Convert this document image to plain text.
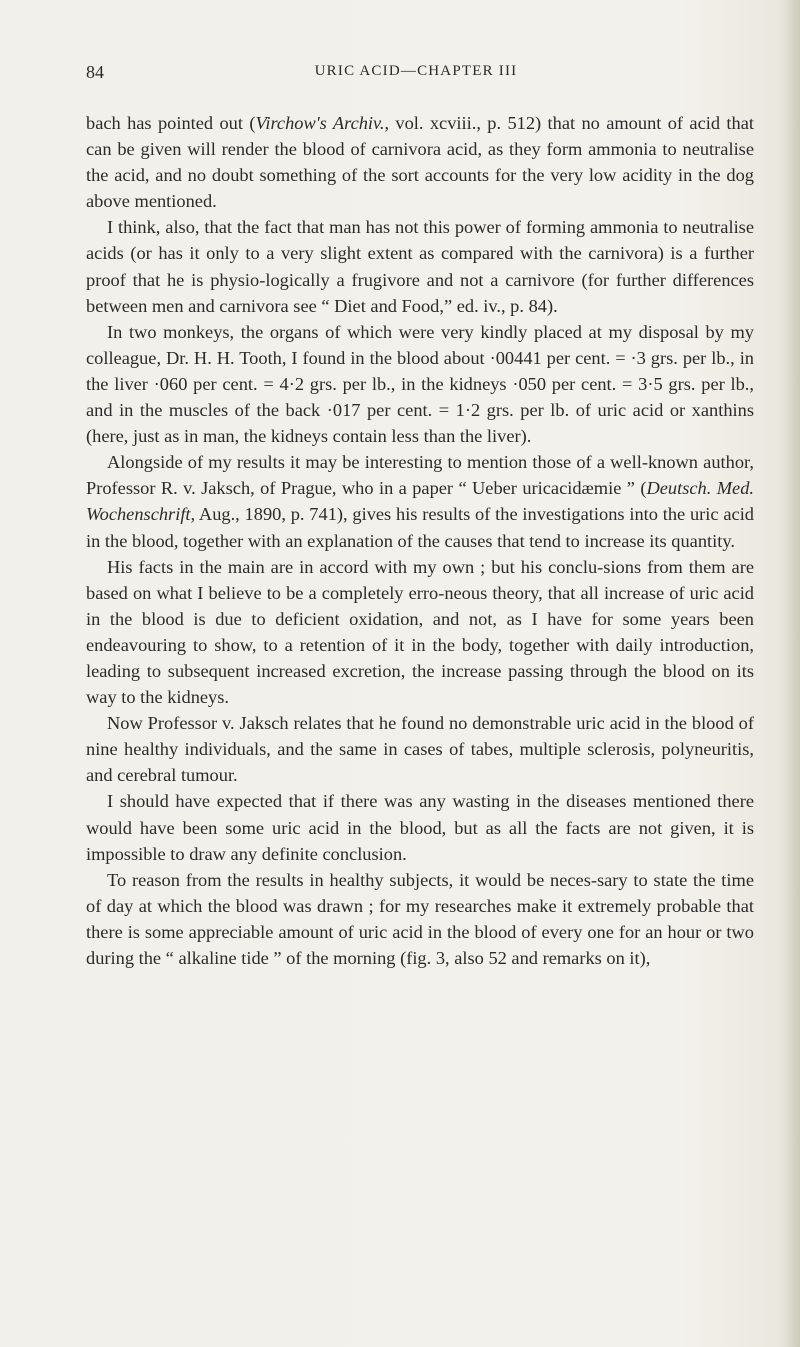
84	URIC ACID—CHAPTER III

bach has pointed out (Virchow's Archiv., vol. xcviii., p. 512) that no amount of acid that can be given will render the blood of carnivora acid, as they form ammonia to neutralise the acid, and no doubt something of the sort accounts for the very low acidity in the dog above mentioned.

I think, also, that the fact that man has not this power of forming ammonia to neutralise acids (or has it only to a very slight extent as compared with the carnivora) is a further proof that he is physio-logically a frugivore and not a carnivore (for further differences between men and carnivora see “ Diet and Food,” ed. iv., p. 84).

In two monkeys, the organs of which were very kindly placed at my disposal by my colleague, Dr. H. H. Tooth, I found in the blood about ·00441 per cent. = ·3 grs. per lb., in the liver ·060 per cent. = 4·2 grs. per lb., in the kidneys ·050 per cent. = 3·5 grs. per lb., and in the muscles of the back ·017 per cent. = 1·2 grs. per lb. of uric acid or xanthins (here, just as in man, the kidneys contain less than the liver).

Alongside of my results it may be interesting to mention those of a well-known author, Professor R. v. Jaksch, of Prague, who in a paper “ Ueber uricacidæmie ” (Deutsch. Med. Wochenschrift, Aug., 1890, p. 741), gives his results of the investigations into the uric acid in the blood, together with an explanation of the causes that tend to increase its quantity.

His facts in the main are in accord with my own ; but his conclu-sions from them are based on what I believe to be a completely erro-neous theory, that all increase of uric acid in the blood is due to deficient oxidation, and not, as I have for some years been endeavouring to show, to a retention of it in the body, together with daily introduction, leading to subsequent increased excretion, the increase passing through the blood on its way to the kidneys.

Now Professor v. Jaksch relates that he found no demonstrable uric acid in the blood of nine healthy individuals, and the same in cases of tabes, multiple sclerosis, polyneuritis, and cerebral tumour.

I should have expected that if there was any wasting in the diseases mentioned there would have been some uric acid in the blood, but as all the facts are not given, it is impossible to draw any definite conclusion.

To reason from the results in healthy subjects, it would be neces-sary to state the time of day at which the blood was drawn ; for my researches make it extremely probable that there is some appreciable amount of uric acid in the blood of every one for an hour or two during the “ alkaline tide ” of the morning (fig. 3, also 52 and remarks on it),
